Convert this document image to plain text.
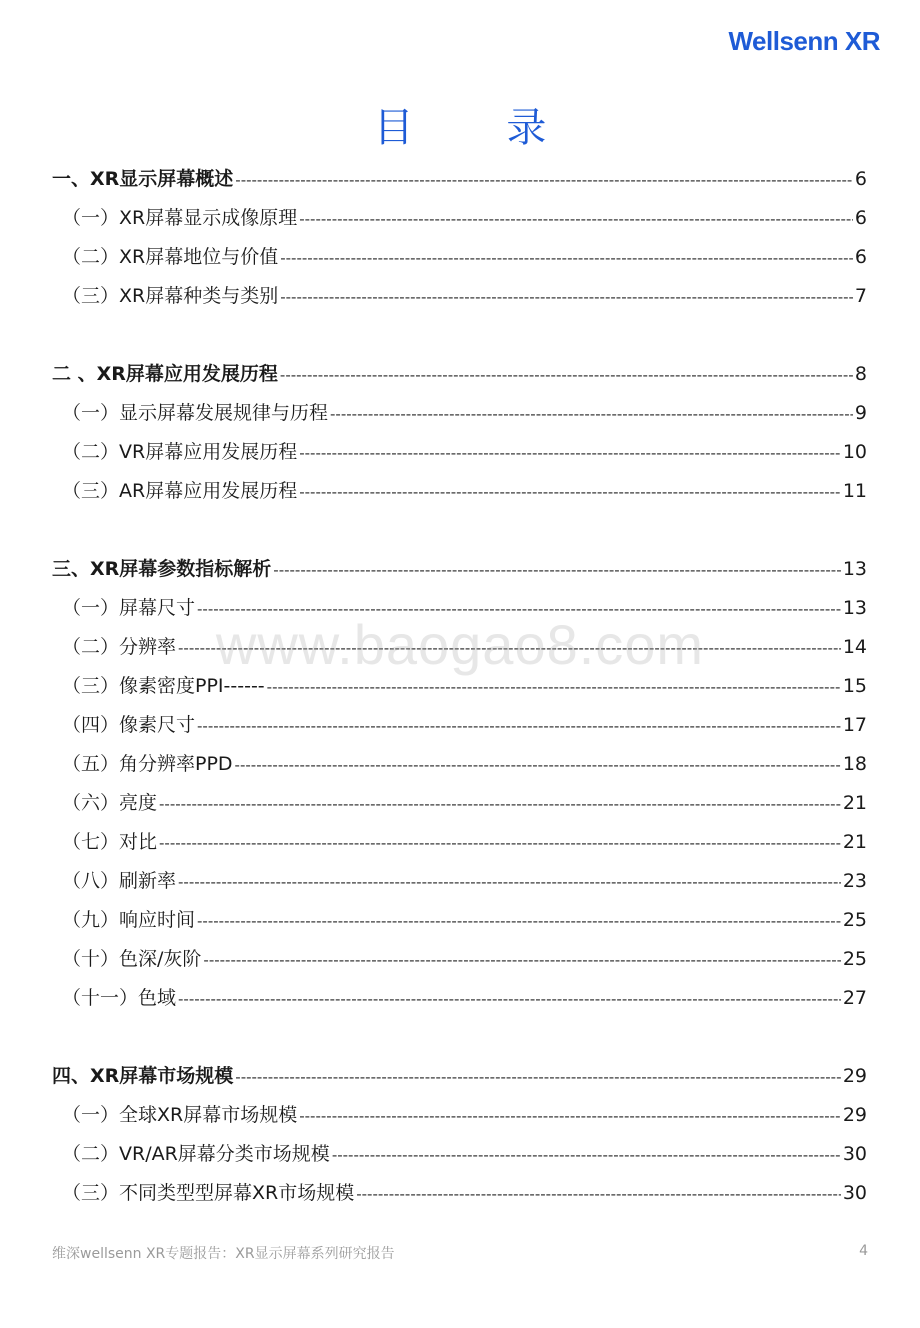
Wellsenn XR
目 录
一、XR显示屏幕概述 -----	6
（一）XR屏幕显示成像原理 -----	6
（二）XR屏幕地位与价值 -----	6
（三）XR屏幕种类与类别 -----	7
二 、XR屏幕应用发展历程 -----	8
（一）显示屏幕发展规律与历程 -----	9
（二）VR屏幕应用发展历程 -----	10
（三）AR屏幕应用发展历程 -----	11
三、XR屏幕参数指标解析 -----	13
（一）屏幕尺寸 -----	13
（二）分辨率 -----	14
（三）像素密度PPI------ -----	15
（四）像素尺寸 -----	17
（五）角分辨率PPD -----	18
（六）亮度 -----	21
（七）对比 -----	21
（八）刷新率 -----	23
（九）响应时间 -----	25
（十）色深/灰阶 -----	25
（十一）色域 -----	27
四、XR屏幕市场规模 -----	29
（一）全球XR屏幕市场规模 -----	29
（二）VR/AR屏幕分类市场规模 -----	30
（三）不同类型型屏幕XR市场规模 -----	30
www.baogao8.com
维深wellsenn XR专题报告：XR显示屏幕系列研究报告	4
